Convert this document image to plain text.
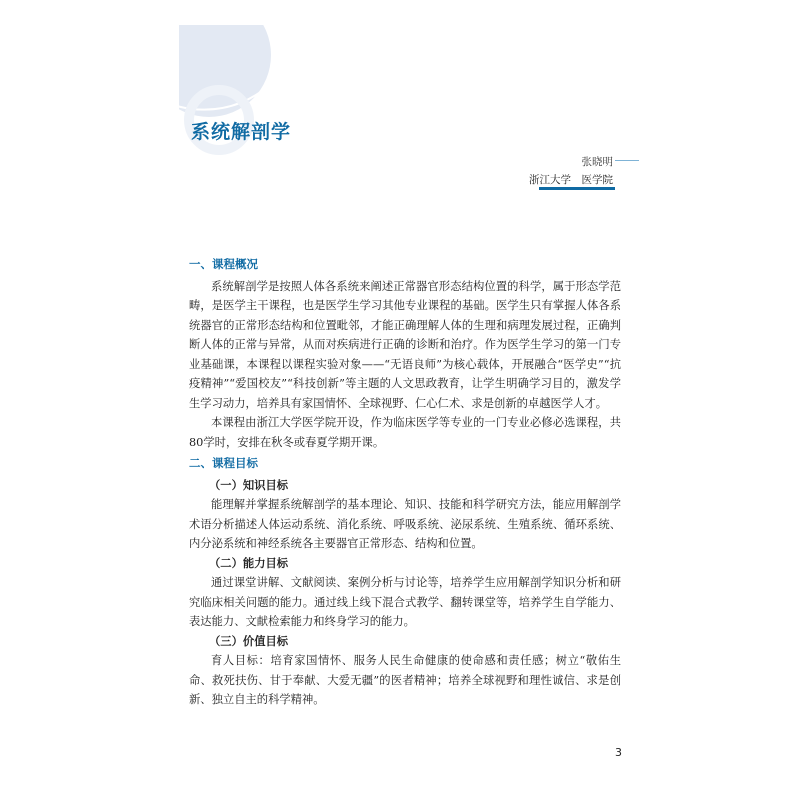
系统解剖学
张晓明
浙江大学　医学院
一、课程概况

系统解剖学是按照人体各系统来阐述正常器官形态结构位置的科学，属于形态学范畴，是医学主干课程，也是医学生学习其他专业课程的基础。医学生只有掌握人体各系统器官的正常形态结构和位置毗邻，才能正确理解人体的生理和病理发展过程，正确判断人体的正常与异常，从而对疾病进行正确的诊断和治疗。作为医学生学习的第一门专业基础课，本课程以课程实验对象——“无语良师”为核心载体，开展融合“医学史”“抗疫精神”“爱国校友”“科技创新”等主题的人文思政教育，让学生明确学习目的，激发学生学习动力，培养具有家国情怀、全球视野、仁心仁术、求是创新的卓越医学人才。

本课程由浙江大学医学院开设，作为临床医学等专业的一门专业必修必选课程，共80学时，安排在秋冬或春夏学期开课。

二、课程目标
（一）知识目标

能理解并掌握系统解剖学的基本理论、知识、技能和科学研究方法，能应用解剖学术语分析描述人体运动系统、消化系统、呼吸系统、泌尿系统、生殖系统、循环系统、内分泌系统和神经系统各主要器官正常形态、结构和位置。

（二）能力目标

通过课堂讲解、文献阅读、案例分析与讨论等，培养学生应用解剖学知识分析和研究临床相关问题的能力。通过线上线下混合式教学、翻转课堂等，培养学生自学能力、表达能力、文献检索能力和终身学习的能力。

（三）价值目标

育人目标：培育家国情怀、服务人民生命健康的使命感和责任感；树立“敬佑生命、救死扶伤、甘于奉献、大爱无疆”的医者精神；培养全球视野和理性诚信、求是创新、独立自主的科学精神。

3
